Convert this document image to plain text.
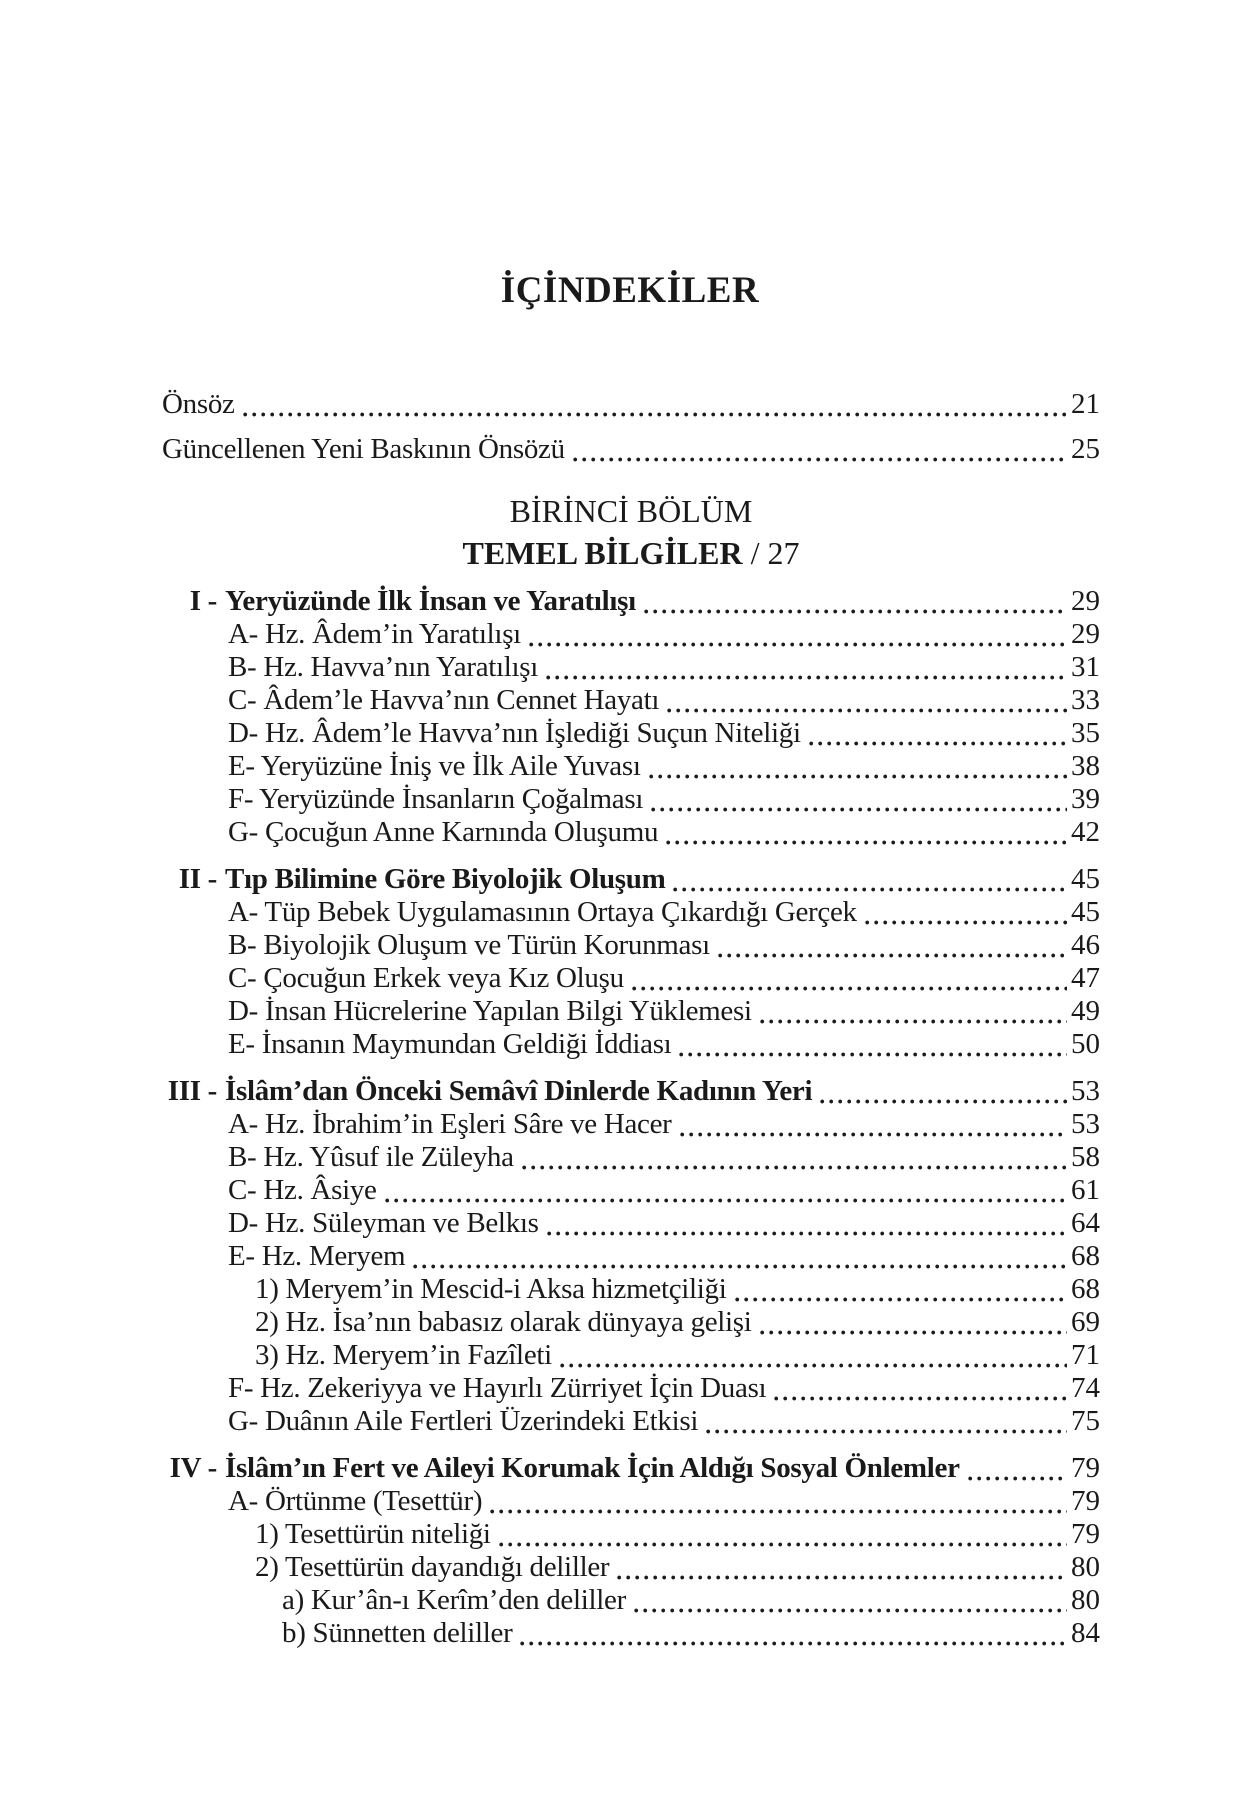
İÇİNDEKİLER
Önsöz	21
Güncellenen Yeni Baskının Önsözü	25
BİRİNCİ BÖLÜM
TEMEL BİLGİLER / 27
I - Yeryüzünde İlk İnsan ve Yaratılışı	29
A- Hz. Âdem’in Yaratılışı	29
B- Hz. Havva’nın Yaratılışı	31
C- Âdem’le Havva’nın Cennet Hayatı	33
D- Hz. Âdem’le Havva’nın İşlediği Suçun Niteliği	35
E- Yeryüzüne İniş ve İlk Aile Yuvası	38
F- Yeryüzünde İnsanların Çoğalması	39
G- Çocuğun Anne Karnında Oluşumu	42
II - Tıp Bilimine Göre Biyolojik Oluşum	45
A- Tüp Bebek Uygulamasının Ortaya Çıkardığı Gerçek	45
B- Biyolojik Oluşum ve Türün Korunması	46
C- Çocuğun Erkek veya Kız Oluşu	47
D- İnsan Hücrelerine Yapılan Bilgi Yüklemesi	49
E- İnsanın Maymundan Geldiği İddiası	50
III - İslâm’dan Önceki Semâvî Dinlerde Kadının Yeri	53
A- Hz. İbrahim’in Eşleri Sâre ve Hacer	53
B- Hz. Yûsuf ile Züleyha	58
C- Hz. Âsiye	61
D- Hz. Süleyman ve Belkıs	64
E- Hz. Meryem	68
1) Meryem’in Mescid-i Aksa hizmetçiliği	68
2) Hz. İsa’nın babasız olarak dünyaya gelişi	69
3) Hz. Meryem’in Fazîleti	71
F- Hz. Zekeriyya ve Hayırlı Zürriyet İçin Duası	74
G- Duânın Aile Fertleri Üzerindeki Etkisi	75
IV - İslâm’ın Fert ve Aileyi Korumak İçin Aldığı Sosyal Önlemler	79
A- Örtünme (Tesettür)	79
1) Tesettürün niteliği	79
2) Tesettürün dayandığı deliller	80
a) Kur’ân-ı Kerîm’den deliller	80
b) Sünnetten deliller	84
